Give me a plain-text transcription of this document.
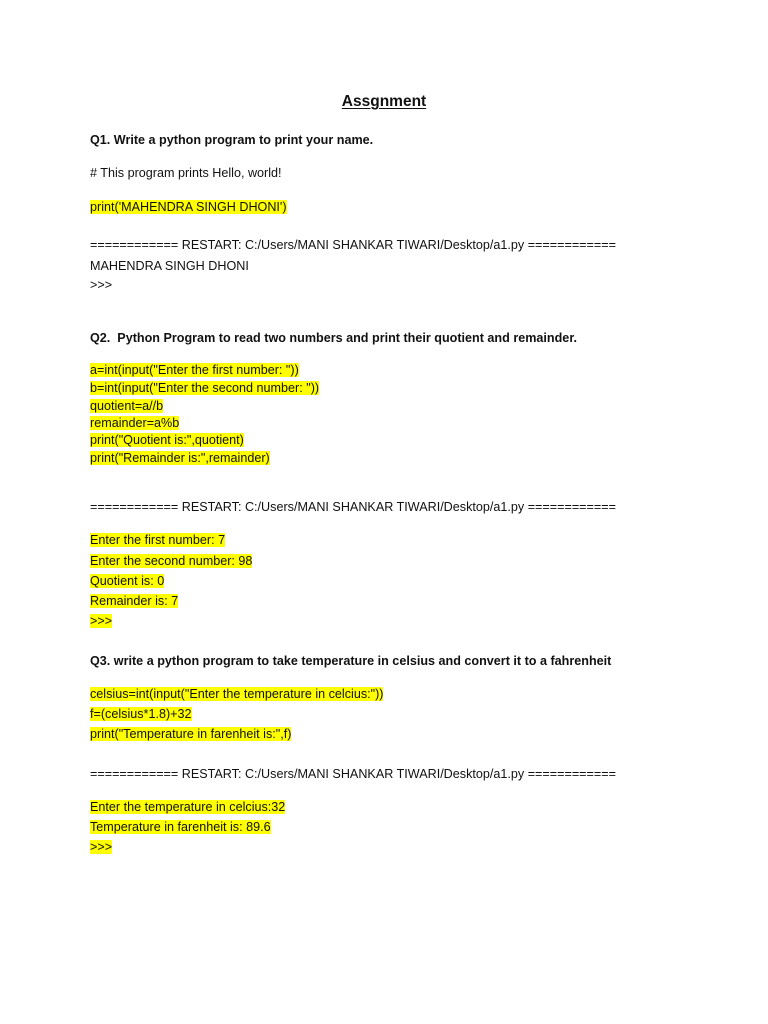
Assgnment
Q1. Write a python program to print your name.
# This program prints Hello, world!
print('MAHENDRA SINGH DHONI')
============ RESTART: C:/Users/MANI SHANKAR TIWARI/Desktop/a1.py ============
MAHENDRA SINGH DHONI
>>>
Q2.  Python Program to read two numbers and print their quotient and remainder.
a=int(input("Enter the first number: "))
b=int(input("Enter the second number: "))
quotient=a//b
remainder=a%b
print("Quotient is:",quotient)
print("Remainder is:",remainder)
============ RESTART: C:/Users/MANI SHANKAR TIWARI/Desktop/a1.py ============
Enter the first number: 7
Enter the second number: 98
Quotient is: 0
Remainder is: 7
>>>
Q3. write a python program to take temperature in celsius and convert it to a fahrenheit
celsius=int(input("Enter the temperature in celcius:"))
f=(celsius*1.8)+32
print("Temperature in farenheit is:",f)
============ RESTART: C:/Users/MANI SHANKAR TIWARI/Desktop/a1.py ============
Enter the temperature in celcius:32
Temperature in farenheit is: 89.6
>>>
